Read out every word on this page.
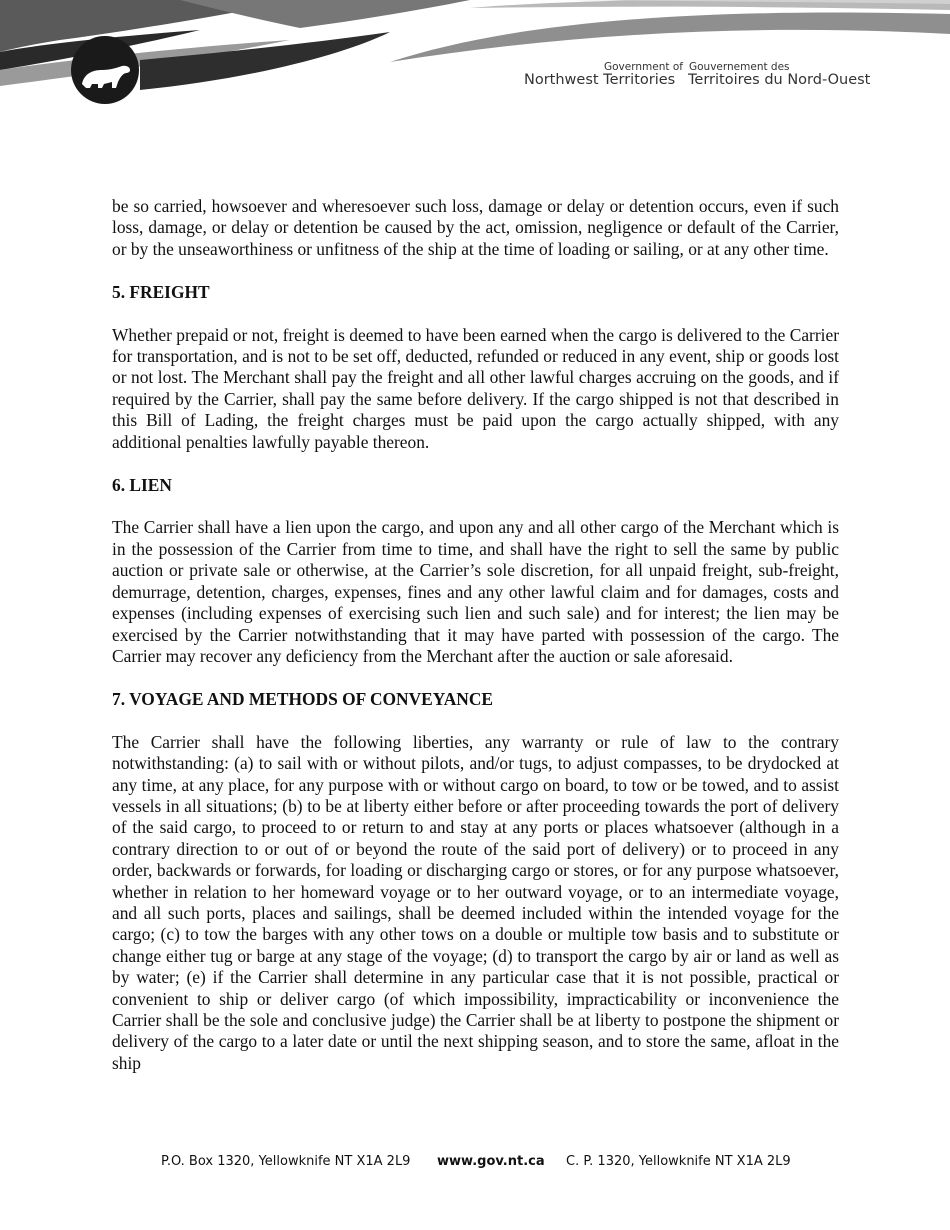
Government of Gouvernement des
Northwest Territories Territoires du Nord-Ouest

be so carried, howsoever and wheresoever such loss, damage or delay or detention occurs, even if such loss, damage, or delay or detention be caused by the act, omission, negligence or default of the Carrier, or by the unseaworthiness or unfitness of the ship at the time of loading or sailing, or at any other time.

5. FREIGHT

Whether prepaid or not, freight is deemed to have been earned when the cargo is delivered to the Carrier for transportation, and is not to be set off, deducted, refunded or reduced in any event, ship or goods lost or not lost. The Merchant shall pay the freight and all other lawful charges accruing on the goods, and if required by the Carrier, shall pay the same before delivery. If the cargo shipped is not that described in this Bill of Lading, the freight charges must be paid upon the cargo actually shipped, with any additional penalties lawfully payable thereon.

6. LIEN

The Carrier shall have a lien upon the cargo, and upon any and all other cargo of the Merchant which is in the possession of the Carrier from time to time, and shall have the right to sell the same by public auction or private sale or otherwise, at the Carrier’s sole discretion, for all unpaid freight, sub-freight, demurrage, detention, charges, expenses, fines and any other lawful claim and for damages, costs and expenses (including expenses of exercising such lien and such sale) and for interest; the lien may be exercised by the Carrier notwithstanding that it may have parted with possession of the cargo. The Carrier may recover any deficiency from the Merchant after the auction or sale aforesaid.

7. VOYAGE AND METHODS OF CONVEYANCE

The Carrier shall have the following liberties, any warranty or rule of law to the contrary notwithstanding: (a) to sail with or without pilots, and/or tugs, to adjust compasses, to be drydocked at any time, at any place, for any purpose with or without cargo on board, to tow or be towed, and to assist vessels in all situations; (b) to be at liberty either before or after proceeding towards the port of delivery of the said cargo, to proceed to or return to and stay at any ports or places whatsoever (although in a contrary direction to or out of or beyond the route of the said port of delivery) or to proceed in any order, backwards or forwards, for loading or discharging cargo or stores, or for any purpose whatsoever, whether in relation to her homeward voyage or to her outward voyage, or to an intermediate voyage, and all such ports, places and sailings, shall be deemed included within the intended voyage for the cargo; (c) to tow the barges with any other tows on a double or multiple tow basis and to substitute or change either tug or barge at any stage of the voyage; (d) to transport the cargo by air or land as well as by water; (e) if the Carrier shall determine in any particular case that it is not possible, practical or convenient to ship or deliver cargo (of which impossibility, impracticability or inconvenience the Carrier shall be the sole and conclusive judge) the Carrier shall be at liberty to postpone the shipment or delivery of the cargo to a later date or until the next shipping season, and to store the same, afloat in the ship

P.O. Box 1320, Yellowknife NT X1A 2L9 www.gov.nt.ca C. P. 1320, Yellowknife NT X1A 2L9
